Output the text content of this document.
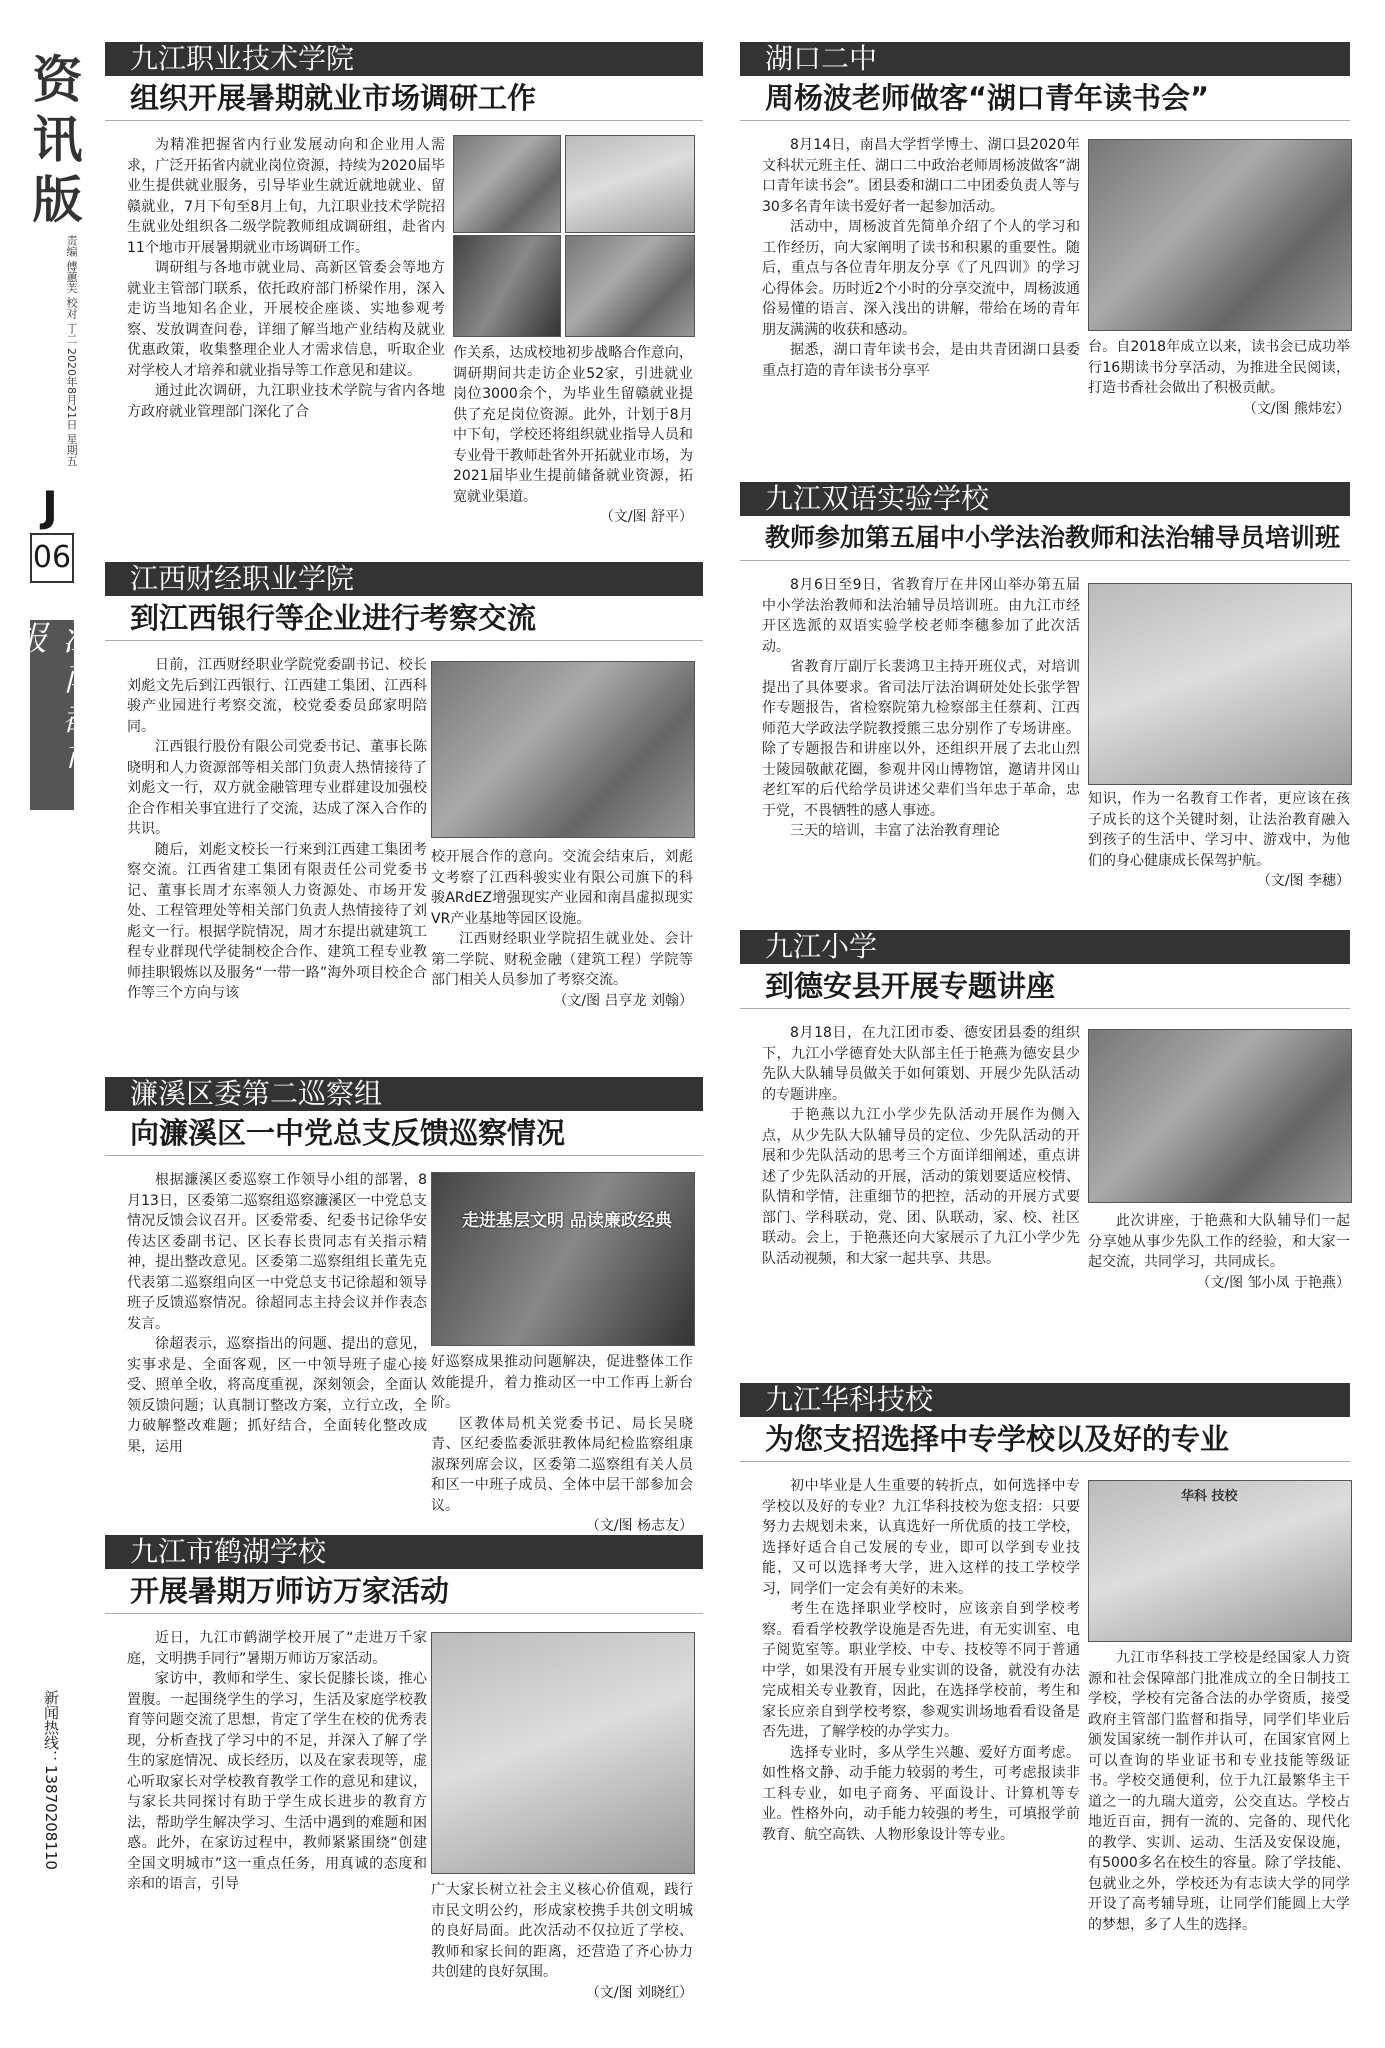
资讯版
责编 傅蕙芙 校对 丁二 2020年8月21日 星期五
J
06
江南都市报
新闻热线：13870208110
九江职业技术学院
组织开展暑期就业市场调研工作

为精准把握省内行业发展动向和企业用人需求，广泛开拓省内就业岗位资源，持续为2020届毕业生提供就业服务，引导毕业生就近就地就业、留赣就业，7月下旬至8月上旬，九江职业技术学院招生就业处组织各二级学院教师组成调研组，赴省内11个地市开展暑期就业市场调研工作。

调研组与各地市就业局、高新区管委会等地方就业主管部门联系，依托政府部门桥梁作用，深入走访当地知名企业，开展校企座谈、实地参观考察、发放调查问卷，详细了解当地产业结构及就业优惠政策，收集整理企业人才需求信息，听取企业对学校人才培养和就业指导等工作意见和建议。

通过此次调研，九江职业技术学院与省内各地方政府就业管理部门深化了合

作关系，达成校地初步战略合作意向，调研期间共走访企业52家，引进就业岗位3000余个，为毕业生留赣就业提供了充足岗位资源。此外，计划于8月中下旬，学校还将组织就业指导人员和专业骨干教师赴省外开拓就业市场，为2021届毕业生提前储备就业资源，拓宽就业渠道。

（文/图 舒平）
江西财经职业学院
到江西银行等企业进行考察交流

日前，江西财经职业学院党委副书记、校长刘彪文先后到江西银行、江西建工集团、江西科骏产业园进行考察交流，校党委委员邱家明陪同。

江西银行股份有限公司党委书记、董事长陈晓明和人力资源部等相关部门负责人热情接待了刘彪文一行，双方就金融管理专业群建设加强校企合作相关事宜进行了交流，达成了深入合作的共识。

随后，刘彪文校长一行来到江西建工集团考察交流。江西省建工集团有限责任公司党委书记、董事长周才东率领人力资源处、市场开发处、工程管理处等相关部门负责人热情接待了刘彪文一行。根据学院情况，周才东提出就建筑工程专业群现代学徒制校企合作、建筑工程专业教师挂职锻炼以及服务“一带一路”海外项目校企合作等三个方向与该

校开展合作的意向。交流会结束后，刘彪文考察了江西科骏实业有限公司旗下的科骏ARdEZ增强现实产业园和南昌虚拟现实VR产业基地等园区设施。

江西财经职业学院招生就业处、会计第二学院、财税金融（建筑工程）学院等部门相关人员参加了考察交流。

（文/图 吕亨龙 刘翰）
濂溪区委第二巡察组
向濂溪区一中党总支反馈巡察情况

根据濂溪区委巡察工作领导小组的部署，8月13日，区委第二巡察组巡察濂溪区一中党总支情况反馈会议召开。区委常委、纪委书记徐华安传达区委副书记、区长春长贵同志有关指示精神，提出整改意见。区委第二巡察组组长董先克代表第二巡察组向区一中党总支书记徐超和领导班子反馈巡察情况。徐超同志主持会议并作表态发言。

徐超表示，巡察指出的问题、提出的意见，实事求是、全面客观，区一中领导班子虚心接受、照单全收，将高度重视，深刻领会，全面认领反馈问题；认真制订整改方案，立行立改，全力破解整改难题；抓好结合，全面转化整改成果，运用

走进基层文明 品读廉政经典

好巡察成果推动问题解决，促进整体工作效能提升，着力推动区一中工作再上新台阶。

区教体局机关党委书记、局长吴晓青、区纪委监委派驻教体局纪检监察组康淑琛列席会议，区委第二巡察组有关人员和区一中班子成员、全体中层干部参加会议。

（文/图 杨志友）
九江市鹤湖学校
开展暑期万师访万家活动

近日，九江市鹤湖学校开展了“走进万千家庭，文明携手同行”暑期万师访万家活动。

家访中，教师和学生、家长促膝长谈，推心置腹。一起围绕学生的学习，生活及家庭学校教育等问题交流了思想，肯定了学生在校的优秀表现，分析查找了学习中的不足，并深入了解了学生的家庭情况、成长经历，以及在家表现等，虚心听取家长对学校教育教学工作的意见和建议，与家长共同探讨有助于学生成长进步的教育方法，帮助学生解决学习、生活中遇到的难题和困惑。此外，在家访过程中，教师紧紧围绕“创建全国文明城市”这一重点任务，用真诚的态度和亲和的语言，引导	广大家长树立社会主义核心价值观，践行市民文明公约，形成家校携手共创文明城的良好局面。此次活动不仅拉近了学校、教师和家长间的距离，还营造了齐心协力共创建的良好氛围。

（文/图 刘晓红）
湖口二中
周杨波老师做客“湖口青年读书会”

8月14日，南昌大学哲学博士、湖口县2020年文科状元班主任、湖口二中政治老师周杨波做客“湖口青年读书会”。团县委和湖口二中团委负责人等与30多名青年读书爱好者一起参加活动。

活动中，周杨波首先简单介绍了个人的学习和工作经历，向大家阐明了读书和积累的重要性。随后，重点与各位青年朋友分享《了凡四训》的学习心得体会。历时近2个小时的分享交流中，周杨波通俗易懂的语言、深入浅出的讲解，带给在场的青年朋友满满的收获和感动。

据悉，湖口青年读书会，是由共青团湖口县委重点打造的青年读书分享平

台。自2018年成立以来，读书会已成功举行16期读书分享活动，为推进全民阅读，打造书香社会做出了积极贡献。

（文/图 熊炜宏）
九江双语实验学校
教师参加第五届中小学法治教师和法治辅导员培训班

8月6日至9日，省教育厅在井冈山举办第五届中小学法治教师和法治辅导员培训班。由九江市经开区选派的双语实验学校老师李穗参加了此次活动。

省教育厅副厅长裴鸿卫主持开班仪式，对培训提出了具体要求。省司法厅法治调研处处长张学智作专题报告，省检察院第九检察部主任蔡莉、江西师范大学政法学院教授熊三忠分别作了专场讲座。除了专题报告和讲座以外，还组织开展了去北山烈士陵园敬献花圈，参观井冈山博物馆，邀请井冈山老红军的后代给学员讲述父辈们当年忠于革命，忠于党，不畏牺牲的感人事迹。

三天的培训，丰富了法治教育理论

知识，作为一名教育工作者，更应该在孩子成长的这个关键时刻，让法治教育融入到孩子的生活中、学习中、游戏中，为他们的身心健康成长保驾护航。

（文/图 李穗）
九江小学
到德安县开展专题讲座

8月18日，在九江团市委、德安团县委的组织下，九江小学德育处大队部主任于艳燕为德安县少先队大队辅导员做关于如何策划、开展少先队活动的专题讲座。

于艳燕以九江小学少先队活动开展作为侧入点，从少先队大队辅导员的定位、少先队活动的开展和少先队活动的思考三个方面详细阐述，重点讲述了少先队活动的开展，活动的策划要适应校情、队情和学情，注重细节的把控，活动的开展方式要部门、学科联动，党、团、队联动，家、校、社区联动。会上，于艳燕还向大家展示了九江小学少先队活动视频，和大家一起共享、共思。

此次讲座，于艳燕和大队辅导们一起分享她从事少先队工作的经验，和大家一起交流，共同学习，共同成长。

（文/图 邹小凤 于艳燕）
九江华科技校
为您支招选择中专学校以及好的专业

初中毕业是人生重要的转折点，如何选择中专学校以及好的专业？九江华科技校为您支招：只要努力去规划未来，认真选好一所优质的技工学校，选择好适合自己发展的专业，即可以学到专业技能，又可以选择考大学，进入这样的技工学校学习，同学们一定会有美好的未来。

考生在选择职业学校时，应该亲自到学校考察。看看学校教学设施是否先进，有无实训室、电子阅览室等。职业学校、中专、技校等不同于普通中学，如果没有开展专业实训的设备，就没有办法完成相关专业教育，因此，在选择学校前，考生和家长应亲自到学校考察，参观实训场地看看设备是否先进，了解学校的办学实力。

选择专业时，多从学生兴趣、爱好方面考虑。如性格文静、动手能力较弱的考生，可考虑报读非工科专业，如电子商务、平面设计、计算机等专业。性格外向，动手能力较强的考生，可填报学前教育、航空高铁、人物形象设计等专业。

华科 技校

九江市华科技工学校是经国家人力资源和社会保障部门批准成立的全日制技工学校，学校有完备合法的办学资质，接受政府主管部门监督和指导，同学们毕业后颁发国家统一制作并认可，在国家官网上可以查询的毕业证书和专业技能等级证书。学校交通便利，位于九江最繁华主干道之一的九瑞大道旁，公交直达。学校占地近百亩，拥有一流的、完备的、现代化的教学、实训、运动、生活及安保设施，有5000多名在校生的容量。除了学技能、包就业之外，学校还为有志读大学的同学开设了高考辅导班，让同学们能圆上大学的梦想，多了人生的选择。
